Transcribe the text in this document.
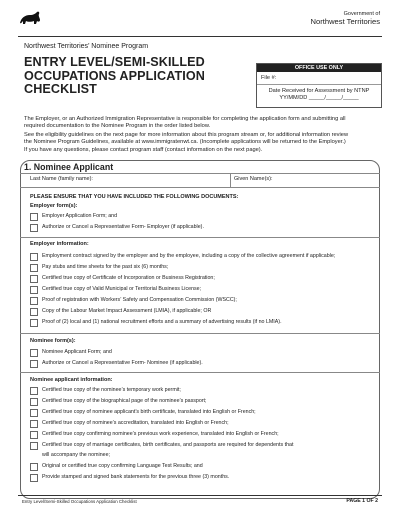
Government of
Northwest Territories
Northwest Territories’ Nominee Program
ENTRY LEVEL/SEMI-SKILLED
OCCUPATIONS APPLICATION
CHECKLIST
OFFICE USE ONLY
File #:
Date Received for Assessment by NTNP
YY/MM/DD _____/_____/_____
The Employer, or an Authorized Immigration Representative is responsible for completing the application form and submitting all
required documentation to the Nominee Program in the order listed below.
See the eligibility guidelines on the next page for more information about this program stream or, for additional information review
the Nominee Program Guidelines, available at www.immigratenwt.ca. (Incomplete applications will be returned to the Employer.)
If you have any questions, please contact program staff (contact information on the next page).
1. Nominee Applicant
Last Name (family name):	Given Name(s):
PLEASE ENSURE THAT YOU HAVE INCLUDED THE FOLLOWING DOCUMENTS:
Employer form(s):
Employer Application Form; and
Authorize or Cancel a Representative Form- Employer (if applicable).
Employer information:
Employment contract signed by the employer and by the employee, including a copy of the collective agreement if applicable;
Pay stubs and time sheets for the past six (6) months;
Certified true copy of Certificate of Incorporation or Business Registration;
Certified true copy of Valid Municipal or Territorial Business License;
Proof of registration with Workers’ Safety and Compensation Commission (WSCC);
Copy of the Labour Market Impact Assessment (LMIA), if applicable; OR
Proof of (2) local and (1) national recruitment efforts and a summary of advertising results (if no LMIA).
Nominee form(s):
Nominee Applicant Form; and
Authorize or Cancel a Representative Form- Nominee (if applicable).
Nominee applicant information:
Certified true copy of the nominee’s temporary work permit;
Certified true copy of the biographical page of the nominee’s passport;
Certified true copy of nominee applicant’s birth certificate, translated into English or French;
Certified true copy of nominee’s accreditation, translated into English or French;
Certified true copy confirming nominee’s previous work experience, translated into English or French;
Certified true copy of marriage certificates, birth certificates, and passports are required for dependents that
will accompany the nominee;
Original or certified true copy confirming Language Test Results; and
Provide stamped and signed bank statements for the previous three (3) months.
Entry Level/Semi-Skilled Occupations Application Checklist	PAGE 1 OF 2
